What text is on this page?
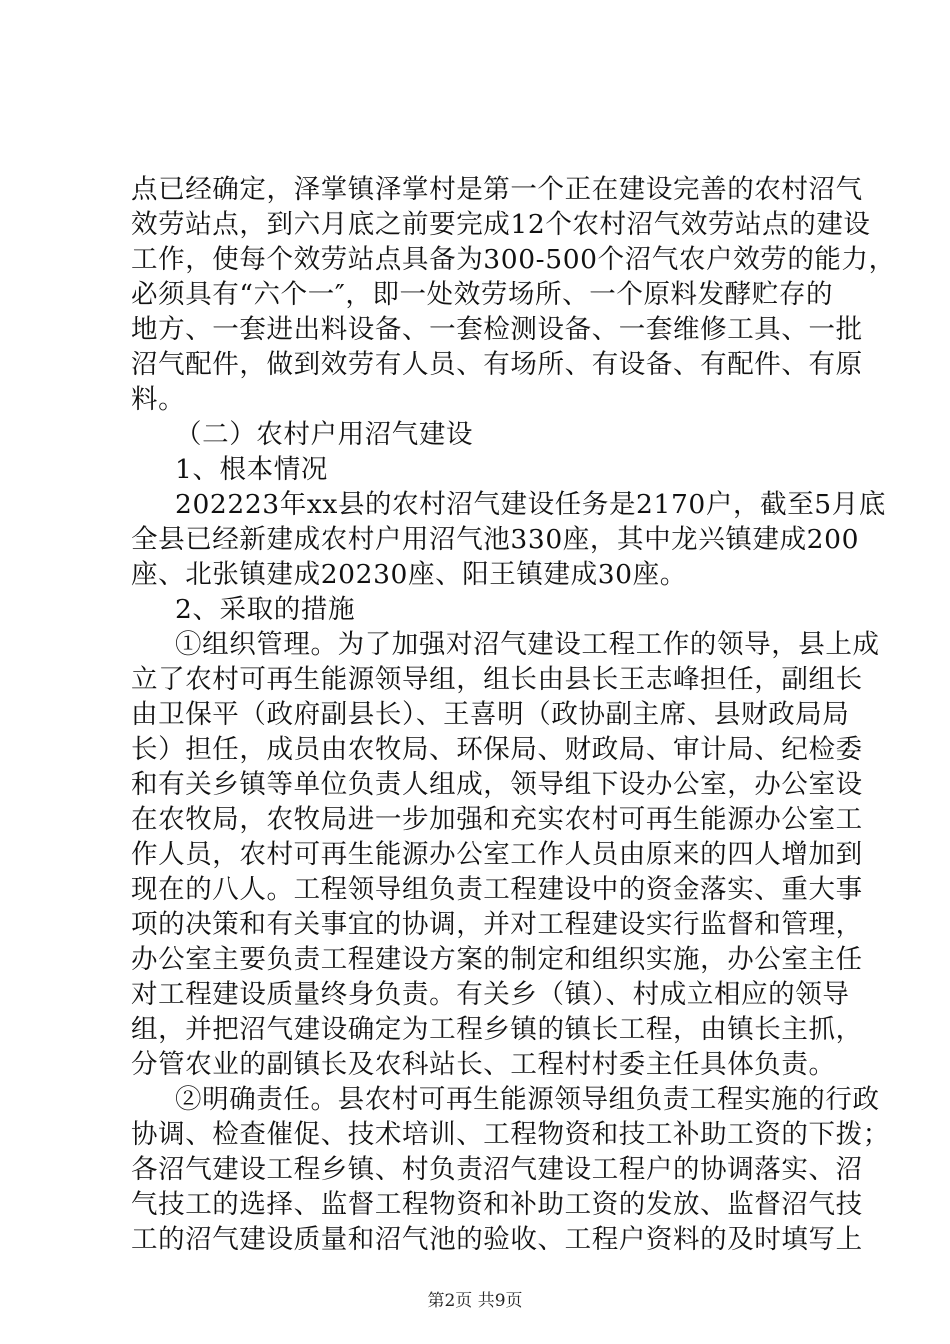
点已经确定，泽掌镇泽掌村是第一个正在建设完善的农村沼气
效劳站点，到六月底之前要完成12个农村沼气效劳站点的建设
工作，使每个效劳站点具备为300-500个沼气农户效劳的能力，
必须具有“六个一″，即一处效劳场所、一个原料发酵贮存的
地方、一套进出料设备、一套检测设备、一套维修工具、一批
沼气配件，做到效劳有人员、有场所、有设备、有配件、有原
料。
（二）农村户用沼气建设
1、根本情况
202223年xx县的农村沼气建设任务是2170户，截至5月底
全县已经新建成农村户用沼气池330座，其中龙兴镇建成200
座、北张镇建成20230座、阳王镇建成30座。
2、采取的措施
①组织管理。为了加强对沼气建设工程工作的领导，县上成
立了农村可再生能源领导组，组长由县长王志峰担任，副组长
由卫保平（政府副县长）、王喜明（政协副主席、县财政局局
长）担任，成员由农牧局、环保局、财政局、审计局、纪检委
和有关乡镇等单位负责人组成，领导组下设办公室，办公室设
在农牧局，农牧局进一步加强和充实农村可再生能源办公室工
作人员，农村可再生能源办公室工作人员由原来的四人增加到
现在的八人。工程领导组负责工程建设中的资金落实、重大事
项的决策和有关事宜的协调，并对工程建设实行监督和管理，
办公室主要负责工程建设方案的制定和组织实施，办公室主任
对工程建设质量终身负责。有关乡（镇）、村成立相应的领导
组，并把沼气建设确定为工程乡镇的镇长工程，由镇长主抓，
分管农业的副镇长及农科站长、工程村村委主任具体负责。
②明确责任。县农村可再生能源领导组负责工程实施的行政
协调、检查催促、技术培训、工程物资和技工补助工资的下拨；
各沼气建设工程乡镇、村负责沼气建设工程户的协调落实、沼
气技工的选择、监督工程物资和补助工资的发放、监督沼气技
工的沼气建设质量和沼气池的验收、工程户资料的及时填写上
第2页 共9页
